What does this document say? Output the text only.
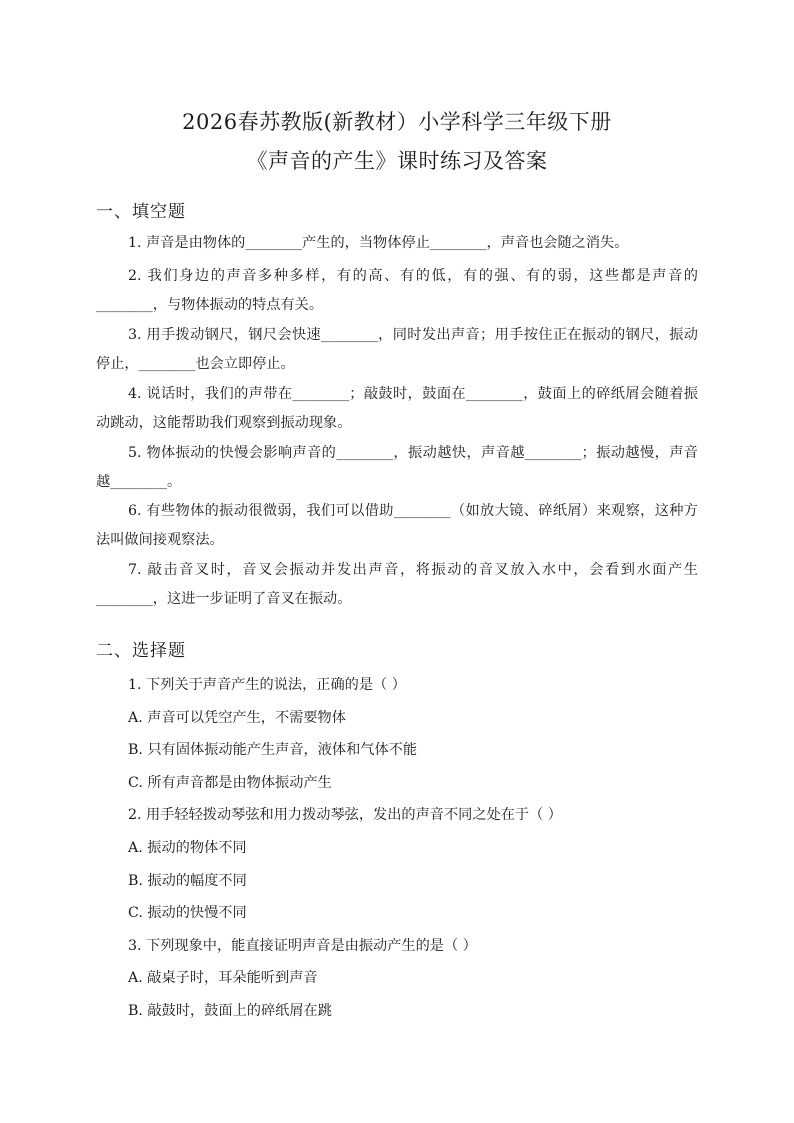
2026春苏教版(新教材）小学科学三年级下册
《声音的产生》课时练习及答案
一、填空题

1. 声音是由物体的________产生的，当物体停止________，声音也会随之消失。

2. 我们身边的声音多种多样，有的高、有的低，有的强、有的弱，这些都是声音的________，与物体振动的特点有关。

3. 用手拨动钢尺，钢尺会快速________，同时发出声音；用手按住正在振动的钢尺，振动停止，________也会立即停止。

4. 说话时，我们的声带在________；敲鼓时，鼓面在________，鼓面上的碎纸屑会随着振动跳动，这能帮助我们观察到振动现象。

5. 物体振动的快慢会影响声音的________，振动越快，声音越________；振动越慢，声音越________。

6. 有些物体的振动很微弱，我们可以借助________（如放大镜、碎纸屑）来观察，这种方法叫做间接观察法。

7. 敲击音叉时，音叉会振动并发出声音，将振动的音叉放入水中，会看到水面产生________，这进一步证明了音叉在振动。

二、选择题
1. 下列关于声音产生的说法，正确的是（ ）
A. 声音可以凭空产生，不需要物体
B. 只有固体振动能产生声音，液体和气体不能
C. 所有声音都是由物体振动产生
2. 用手轻轻拨动琴弦和用力拨动琴弦，发出的声音不同之处在于（ ）
A. 振动的物体不同
B. 振动的幅度不同
C. 振动的快慢不同
3. 下列现象中，能直接证明声音是由振动产生的是（ ）
A. 敲桌子时，耳朵能听到声音
B. 敲鼓时，鼓面上的碎纸屑在跳
